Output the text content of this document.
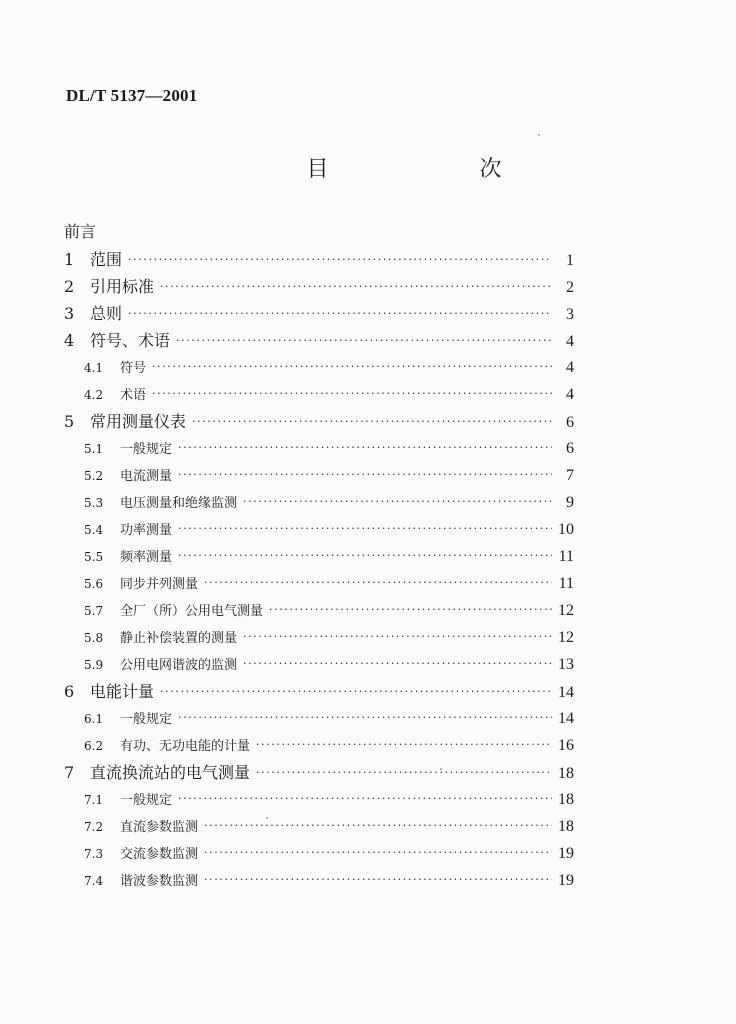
DL/T 5137—2001
目 次
前言
1 范围 ·····	1
2 引用标准 ·····	2
3 总则 ·····	3
4 符号、术语 ·····	4
4.1	符号 ·····	4
4.2	术语 ·····	4
5 常用测量仪表 ·····	6
5.1	一般规定 ·····	6
5.2	电流测量 ·····	7
5.3	电压测量和绝缘监测 ·····	9
5.4	功率测量 ·····	10
5.5	频率测量 ·····	11
5.6	同步并列测量 ·····	11
5.7	全厂（所）公用电气测量 ·····	12
5.8	静止补偿装置的测量 ·····	12
5.9	公用电网谐波的监测 ·····	13
6 电能计量 ·····	14
6.1	一般规定 ·····	14
6.2	有功、无功电能的计量 ·····	16
7 直流换流站的电气测量 ·····	18
7.1	一般规定 ·····	18
7.2	直流参数监测 ·····	18
7.3	交流参数监测 ·····	19
7.4	谐波参数监测 ·····	19
